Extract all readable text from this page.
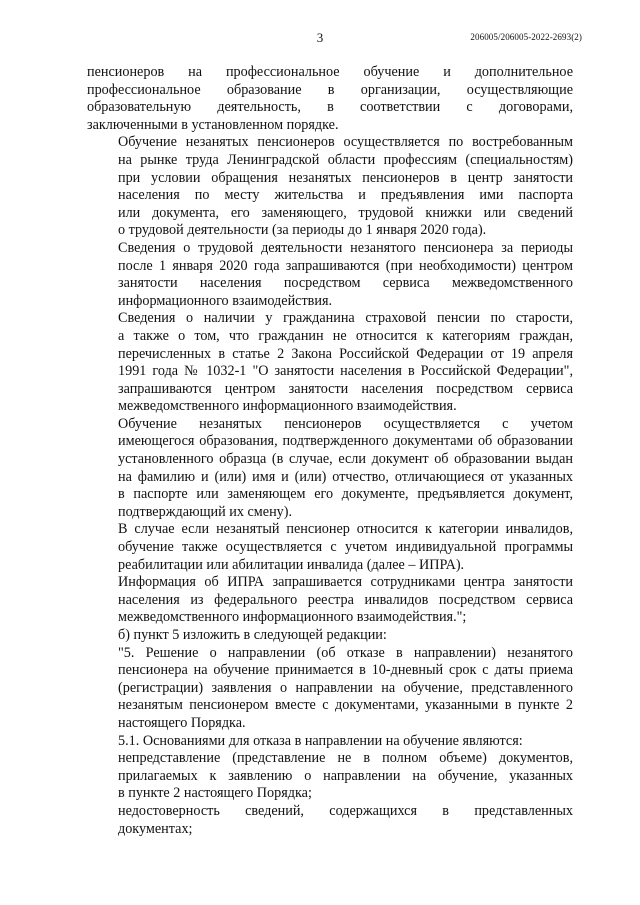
3	206005/206005-2022-2693(2)
пенсионеров на профессиональное обучение и дополнительное
профессиональное образование в организации, осуществляющие
образовательную деятельность, в соответствии с договорами,
заключенными в установленном порядке.
Обучение незанятых пенсионеров осуществляется по востребованным
на рынке труда Ленинградской области профессиям (специальностям)
при условии обращения незанятых пенсионеров в центр занятости
населения по месту жительства и предъявления ими паспорта
или документа, его заменяющего, трудовой книжки или сведений
о трудовой деятельности (за периоды до 1 января 2020 года).
Сведения о трудовой деятельности незанятого пенсионера за периоды
после 1 января 2020 года запрашиваются (при необходимости) центром
занятости населения посредством сервиса межведомственного
информационного взаимодействия.
Сведения о наличии у гражданина страховой пенсии по старости,
а также о том, что гражданин не относится к категориям граждан,
перечисленных в статье 2 Закона Российской Федерации от 19 апреля
1991 года № 1032-1 "О занятости населения в Российской Федерации",
запрашиваются центром занятости населения посредством сервиса
межведомственного информационного взаимодействия.
Обучение незанятых пенсионеров осуществляется с учетом
имеющегося образования, подтвержденного документами об образовании
установленного образца (в случае, если документ об образовании выдан
на фамилию и (или) имя и (или) отчество, отличающиеся от указанных
в паспорте или заменяющем его документе, предъявляется документ,
подтверждающий их смену).
В случае если незанятый пенсионер относится к категории инвалидов,
обучение также осуществляется с учетом индивидуальной программы
реабилитации или абилитации инвалида (далее – ИПРА).
Информация об ИПРА запрашивается сотрудниками центра занятости
населения из федерального реестра инвалидов посредством сервиса
межведомственного информационного взаимодействия.";
б) пункт 5 изложить в следующей редакции:
"5. Решение о направлении (об отказе в направлении) незанятого
пенсионера на обучение принимается в 10-дневный срок с даты приема
(регистрации) заявления о направлении на обучение, представленного
незанятым пенсионером вместе с документами, указанными в пункте 2
настоящего Порядка.
5.1. Основаниями для отказа в направлении на обучение являются:
непредставление (представление не в полном объеме) документов,
прилагаемых к заявлению о направлении на обучение, указанных
в пункте 2 настоящего Порядка;
недостоверность сведений, содержащихся в представленных
документах;
